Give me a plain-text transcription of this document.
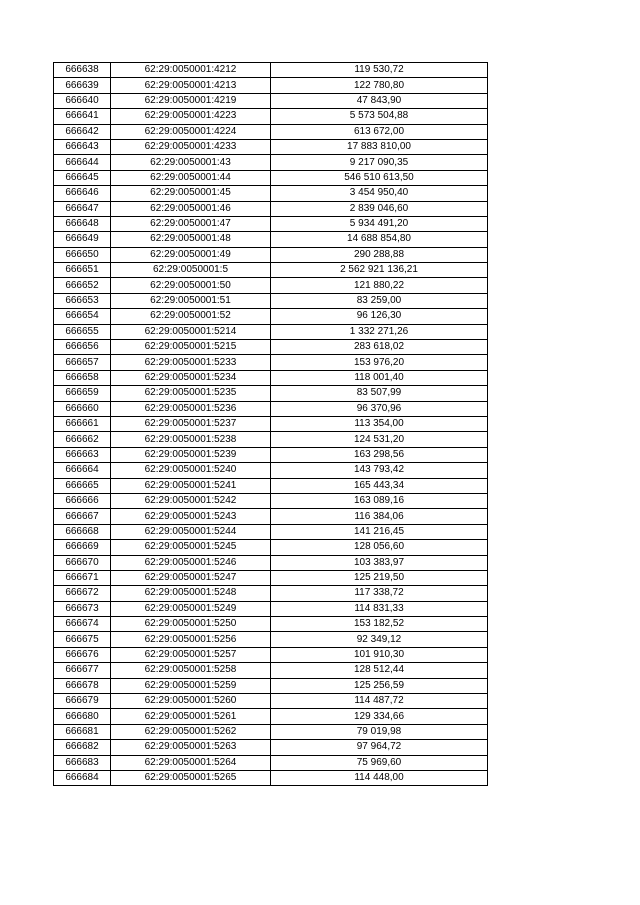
666638	62:29:0050001:4212	119 530,72
666639	62:29:0050001:4213	122 780,80
666640	62:29:0050001:4219	47 843,90
666641	62:29:0050001:4223	5 573 504,88
666642	62:29:0050001:4224	613 672,00
666643	62:29:0050001:4233	17 883 810,00
666644	62:29:0050001:43	9 217 090,35
666645	62:29:0050001:44	546 510 613,50
666646	62:29:0050001:45	3 454 950,40
666647	62:29:0050001:46	2 839 046,60
666648	62:29:0050001:47	5 934 491,20
666649	62:29:0050001:48	14 688 854,80
666650	62:29:0050001:49	290 288,88
666651	62:29:0050001:5	2 562 921 136,21
666652	62:29:0050001:50	121 880,22
666653	62:29:0050001:51	83 259,00
666654	62:29:0050001:52	96 126,30
666655	62:29:0050001:5214	1 332 271,26
666656	62:29:0050001:5215	283 618,02
666657	62:29:0050001:5233	153 976,20
666658	62:29:0050001:5234	118 001,40
666659	62:29:0050001:5235	83 507,99
666660	62:29:0050001:5236	96 370,96
666661	62:29:0050001:5237	113 354,00
666662	62:29:0050001:5238	124 531,20
666663	62:29:0050001:5239	163 298,56
666664	62:29:0050001:5240	143 793,42
666665	62:29:0050001:5241	165 443,34
666666	62:29:0050001:5242	163 089,16
666667	62:29:0050001:5243	116 384,06
666668	62:29:0050001:5244	141 216,45
666669	62:29:0050001:5245	128 056,60
666670	62:29:0050001:5246	103 383,97
666671	62:29:0050001:5247	125 219,50
666672	62:29:0050001:5248	117 338,72
666673	62:29:0050001:5249	114 831,33
666674	62:29:0050001:5250	153 182,52
666675	62:29:0050001:5256	92 349,12
666676	62:29:0050001:5257	101 910,30
666677	62:29:0050001:5258	128 512,44
666678	62:29:0050001:5259	125 256,59
666679	62:29:0050001:5260	114 487,72
666680	62:29:0050001:5261	129 334,66
666681	62:29:0050001:5262	79 019,98
666682	62:29:0050001:5263	97 964,72
666683	62:29:0050001:5264	75 969,60
666684	62:29:0050001:5265	114 448,00
